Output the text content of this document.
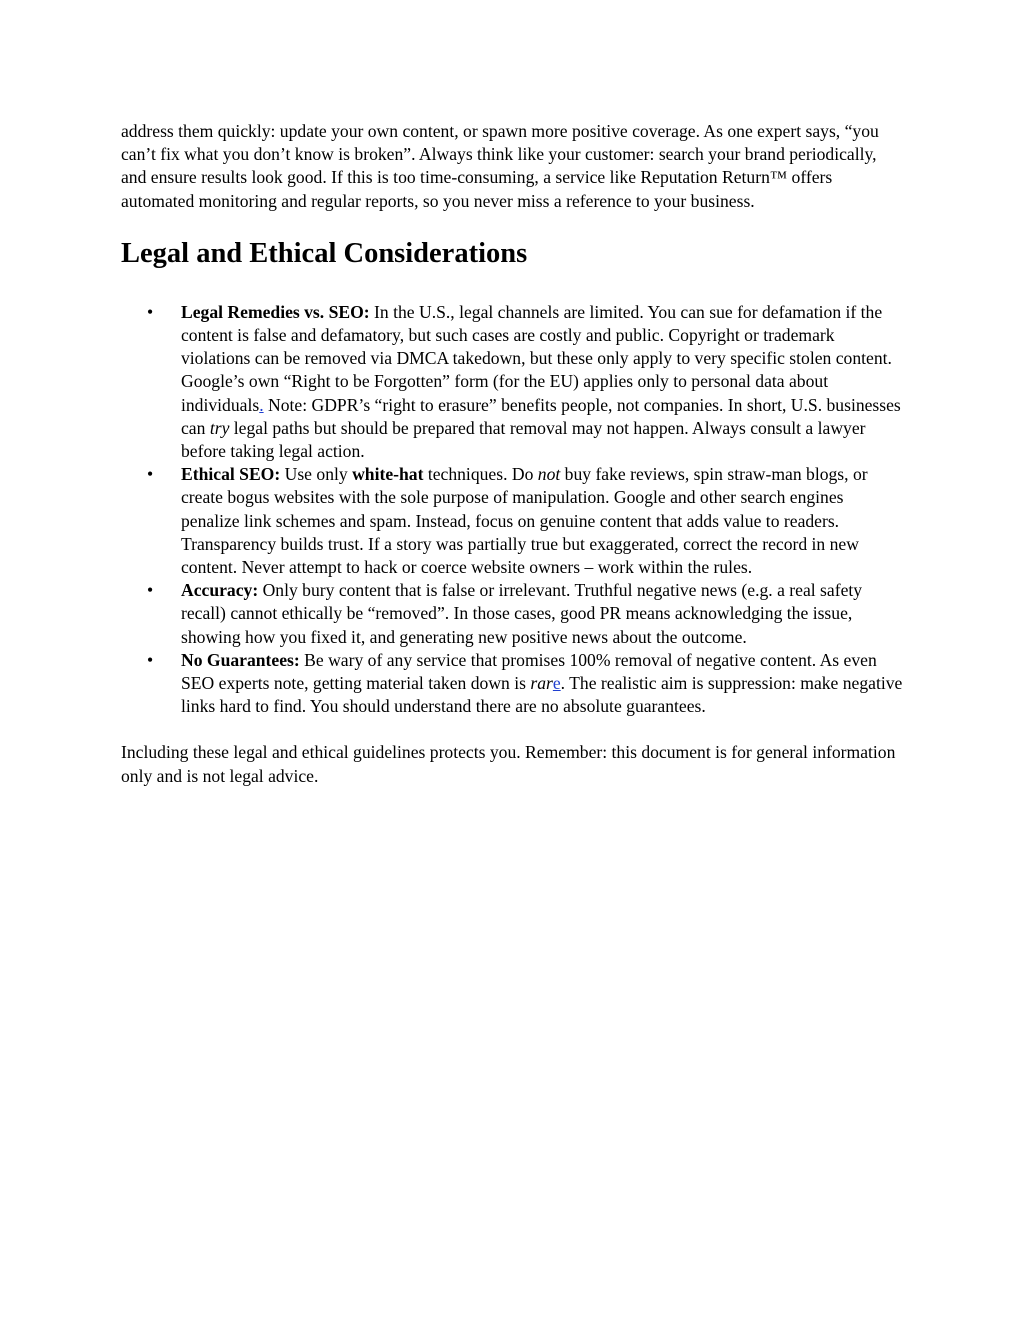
address them quickly: update your own content, or spawn more positive coverage. As one expert says, “you can’t fix what you don’t know is broken”. Always think like your customer: search your brand periodically, and ensure results look good. If this is too time-consuming, a service like Reputation Return™ offers automated monitoring and regular reports, so you never miss a reference to your business.

Legal and Ethical Considerations
• Legal Remedies vs. SEO: In the U.S., legal channels are limited. You can sue for defamation if the content is false and defamatory, but such cases are costly and public. Copyright or trademark violations can be removed via DMCA takedown, but these only apply to very specific stolen content. Google’s own “Right to be Forgotten” form (for the EU) applies only to personal data about individuals. Note: GDPR’s “right to erasure” benefits people, not companies. In short, U.S. businesses can try legal paths but should be prepared that removal may not happen. Always consult a lawyer before taking legal action.
• Ethical SEO: Use only white-hat techniques. Do not buy fake reviews, spin straw-man blogs, or create bogus websites with the sole purpose of manipulation. Google and other search engines penalize link schemes and spam. Instead, focus on genuine content that adds value to readers. Transparency builds trust. If a story was partially true but exaggerated, correct the record in new content. Never attempt to hack or coerce website owners – work within the rules.
• Accuracy: Only bury content that is false or irrelevant. Truthful negative news (e.g. a real safety recall) cannot ethically be “removed”. In those cases, good PR means acknowledging the issue, showing how you fixed it, and generating new positive news about the outcome.
• No Guarantees: Be wary of any service that promises 100% removal of negative content. As even SEO experts note, getting material taken down is rare. The realistic aim is suppression: make negative links hard to find. You should understand there are no absolute guarantees.

Including these legal and ethical guidelines protects you. Remember: this document is for general information only and is not legal advice.
